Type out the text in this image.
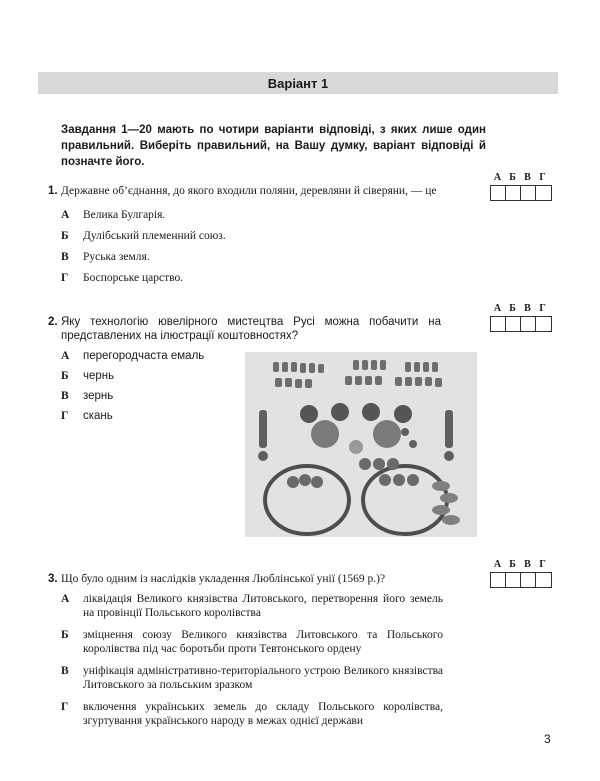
Варіант 1
Завдання 1—20 мають по чотири варіанти відповіді, з яких лише один правильний. Виберіть правильний, на Вашу думку, варіант відповіді й позначте його.
А Б В Г
1. Державне об’єднання, до якого входили поляни, деревляни й сіверяни, — це
А	Велика Булгарія.
Б	Дулібський племенний союз.
В	Руська земля.
Г	Боспорське царство.
А Б В Г
2. Яку технологію ювелірного мистецтва Русі можна побачити на представлених на ілюстрації коштовностях?
А	перегородчаста емаль
Б	чернь
В	зернь
Г	скань
А Б В Г
3. Що було одним із наслідків укладення Люблінської унії (1569 р.)?
А	ліквідація Великого князівства Литовського, перетворення його земель на провінції Польського королівства
Б	зміцнення союзу Великого князівства Литовського та Польського королівства під час боротьби проти Тевтонського ордену
В	уніфікація адміністративно-територіального устрою Великого князівства Литовського за польським зразком
Г	включення українських земель до складу Польського королівства, згуртування українського народу в межах однієї держави
3
